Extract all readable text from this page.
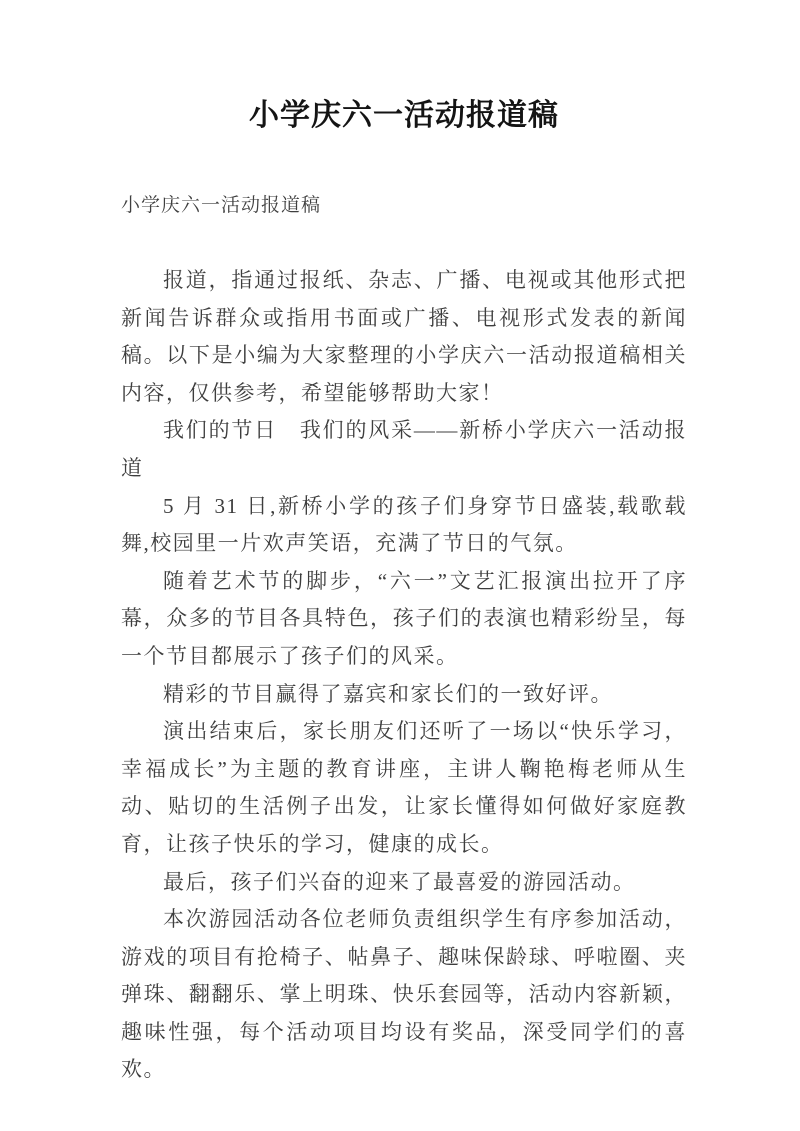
小学庆六一活动报道稿

小学庆六一活动报道稿

报道，指通过报纸、杂志、广播、电视或其他形式把新闻告诉群众或指用书面或广播、电视形式发表的新闻稿。以下是小编为大家整理的小学庆六一活动报道稿相关内容，仅供参考，希望能够帮助大家！

我们的节日　我们的风采——新桥小学庆六一活动报道

5 月 31 日,新桥小学的孩子们身穿节日盛装,载歌载舞,校园里一片欢声笑语，充满了节日的气氛。

随着艺术节的脚步，“六一”文艺汇报演出拉开了序幕，众多的节目各具特色，孩子们的表演也精彩纷呈，每一个节目都展示了孩子们的风采。

精彩的节目赢得了嘉宾和家长们的一致好评。

演出结束后，家长朋友们还听了一场以“快乐学习，幸福成长”为主题的教育讲座，主讲人鞠艳梅老师从生动、贴切的生活例子出发，让家长懂得如何做好家庭教育，让孩子快乐的学习，健康的成长。

最后，孩子们兴奋的迎来了最喜爱的游园活动。

本次游园活动各位老师负责组织学生有序参加活动，游戏的项目有抢椅子、帖鼻子、趣味保龄球、呼啦圈、夹弹珠、翻翻乐、掌上明珠、快乐套园等，活动内容新颖，趣味性强，每个活动项目均设有奖品，深受同学们的喜欢。
